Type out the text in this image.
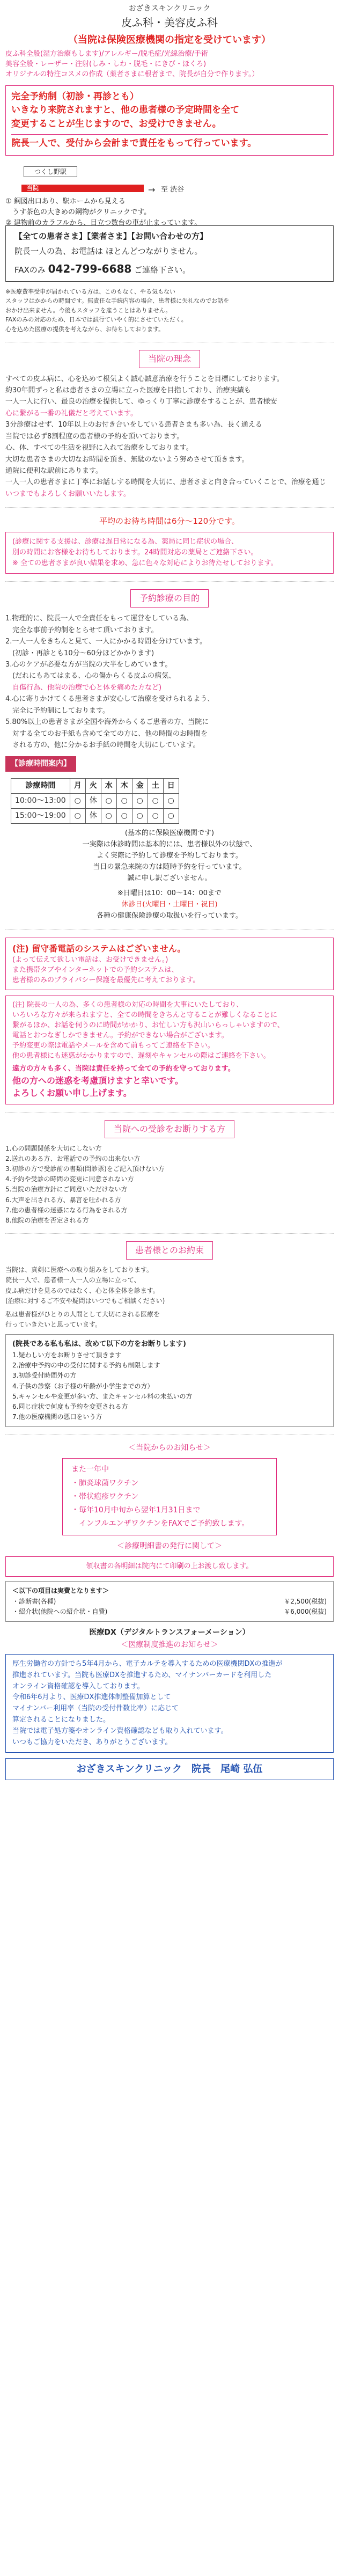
おざきスキンクリニック
皮ふ科・美容皮ふ科
（当院は保険医療機関の指定を受けています）
皮ふ科全般(湿方治療もします)/アレルギー/脱毛症/光線治療/手術
美容全般・レーザー・注射(しみ・しわ・脱毛・にきび・ほくろ)
オリジナルの特注コスメの作成（薬者さまに根者まで、院長が自分で作ります。）
完全予約制（初診・再診とも）
いきなり来院されますと、他の患者様の予定時間を全て
変更することが生じますので、お受けできません。
院長一人で、受付から会計まで責任をもって行っています。
つくし野駅
当院	→ 至 渋谷
① 鋼図出口あり、駅ホームから見える
　うす茶色の大きめの鋼物がクリニックです。
② 建物前のカラフルから、目立つ数台の車が止まっています。
【全ての患者さま】【業者さま】【お問い合わせの方】
院長一人の為、お電話は ほとんどつながりません。
FAXのみ 042-799-6688 ご連絡下さい。
※医療費準受申が届かれている方は、このもなく、やる気もない
スタッフはかからの時間です。無責任な手続内容の場合、患者様に失礼なのでお話を
おかけ出来ません。今後もスタッフを雇うことはありません。
FAXのみの対応のため、日本では試行ていやく的にさせていただく。
心を込めた医療の提供を考えながら、お待ちしております。
当院の理念
すべての皮ふ病に、心を込めて根気よく誠心誠意治療を行うことを目標にしております。
約30年間ずっと私は患者さまの立場に立った医療を目指しており、治療実績も
一人一人に行い、最良の治療を提供して、ゆっくり丁寧に診療をすることが、患者様安
心に繋がる一番の礼儀だと考えています。
3分診療はせず、10年以上のお付き合いをしている患者さまも多い為、長く通える
当院では必ず8割程度の患者様の予約を頂いております。
心、体、すべての生活を視野に入れて治療をしております。
大切な患者さまの大切なお時間を頂き、無駄のないよう努めさせて頂きます。
通院に便利な駅前にあります。
一人一人の患者さまに丁寧にお話しする時間を大切に、患者さまと向き合っていくことで、治療を通じ
いつまでもよろしくお願いいたします。
平均のお待ち時間は6分～120分です。
(診療に関する支援は、診療は遅日常になる為、薬局に同じ症状の場合、
別の時間にお客様をお待ちしております。24時間対応の薬局とご連絡下さい。
※ 全ての患者さまが良い結果を求め、急に色々な対応によりお待たせしております。
予約診療の目的
1.物理的に、院長一人で全責任をもって運営をしている為、
　完全な事前予約制をとらせて頂いております。
2.一人一人をきちんと見て、一人にかかる時間を分けています。
　(初診・再診とも10分～60分ほどかかります)
3.心のケアが必要な方が当院の大半をしめています。
　(だれにもあてはまる、心の傷からくる皮ふの病気、
　自傷行為、他院の治療で心と体を痛めた方など)
4.心に寄りかけてくる患者さまが安心して治療を受けられるよう、
　完全に予約制にしております。
5.80%以上の患者さまが全国や海外からくるご患者の方、当院に
　対する全てのお手紙も含めて全ての方に、他の時間のお時間を
　される方の、他に分かるお手紙の時間を大切にしています。
【診療時間案内】
診療時間	月	火	水	木	金	土	日
10:00～13:00	○	休	○	○	○	○	○
15:00～19:00	○	休	○	○	○	○	○
(基本的に保険医療機関です)
一実際は休診時間は基本的には、患者様以外の状態で、
よく実際に予約して診療を予約しております。
当日の緊急来院の方は随時予約を行っています。
誠に申し訳ございません。
※日曜日は10：00～14：00まで
休診日(火曜日・土曜日・祝日)
各種の健康保険診療の取扱いを行っています。
(注) 留守番電話のシステムはございません。
(よって伝えて欲しい電話は、お受けできません。)
また携帯タブやインターネットでの予約システムは、
患者様のみのプライバシー保護を最優先に考えております。
(注) 院長の一人の為、多くの患者様の対応の時間を大事にいたしており、
いろいろな方々が来られますと、全ての時間をきちんと守ることが難しくなることに
繋がるほか、お話を伺うのに時間がかかり、お忙しい方も沢山いらっしゃいますので、
電話とおつなぎしかできません。予約ができない場合がございます。
予約変更の際は電話やメールを含めて前もってご連絡を下さい。
他の患者様にも迷惑がかかりますので、遅刻やキャンセルの際はご連絡を下さい。
遠方の方々も多く、当院は責任を持って全ての予約を守っております。
他の方への迷惑を考慮頂けますと幸いです。
よろしくお願い申し上げます。
当院への受診をお断りする方
1.心の問題関係を大切にしない方
2.送れのある方、お電話での予約の出来ない方
3.初診の方で受診前の書類(問診票)をご記入頂けない方
4.予約や受診の時間の変更に同意されない方
5.当院の治療方針にご同意いただけない方
6.大声を出される方、暴言を吐かれる方
7.他の患者様の迷惑になる行為をされる方
8.他院の治療を否定される方
患者様とのお約束
当院は、真剣に医療への取り組みをしております。
院長一人で、患者様一人一人の立場に立って、
皮ふ病だけを見るのではなく、心と体全体を診ます。
(治療に対するご不安や疑問はいつでもご相談ください)
私は患者様がひとりの人間として大切にされる医療を
行っていきたいと思っています。
(院長である私も私は、改めて以下の方をお断りします)
1.疑わしい方をお断りさせて頂きます
2.治療中予約の中の受付に関する予約も制限します
3.初診受付時間外の方
4.子供の診察（お子様の年齢が小学生までの方）
5.キャンセルや変更が多い方、またキャンセル料の未払いの方
6.同じ症状で何度も予約を変更される方
7.他の医療機関の悪口をいう方
＜当院からのお知らせ＞
また一年中
・肺炎球菌ワクチン
・帯状疱疹ワクチン
・毎年10月中旬から翌年1月31日まで
　インフルエンザワクチンをFAXでご予約致します。
＜診療明細書の発行に関して＞
領収書の各明細は院内にて印刷の上お渡し致します。
＜以下の項目は実費となります＞
・診断書(各種)	￥2,500(税抜)
・紹介状(他院への紹介状・自費)	￥6,000(税抜)
医療DX（デジタルトランスフォーメーション）
＜医療制度推進のお知らせ＞
厚生労働省の方針でら5年4月から、電子カルテを導入するための医療機関DXの推進が
推進されています。当院も医療DXを推進するため、マイナンバーカードを利用した
オンライン資格確認を導入しております。
令和6年6月より、医療DX推進体制整備加算として
マイナンバー利用率（当院の受付件数比率）に応じて
算定されることになりました。
当院では電子処方箋やオンライン資格確認なども取り入れています。
いつもご協力をいただき、ありがとうございます。
おざきスキンクリニック　院長　尾崎 弘伍
